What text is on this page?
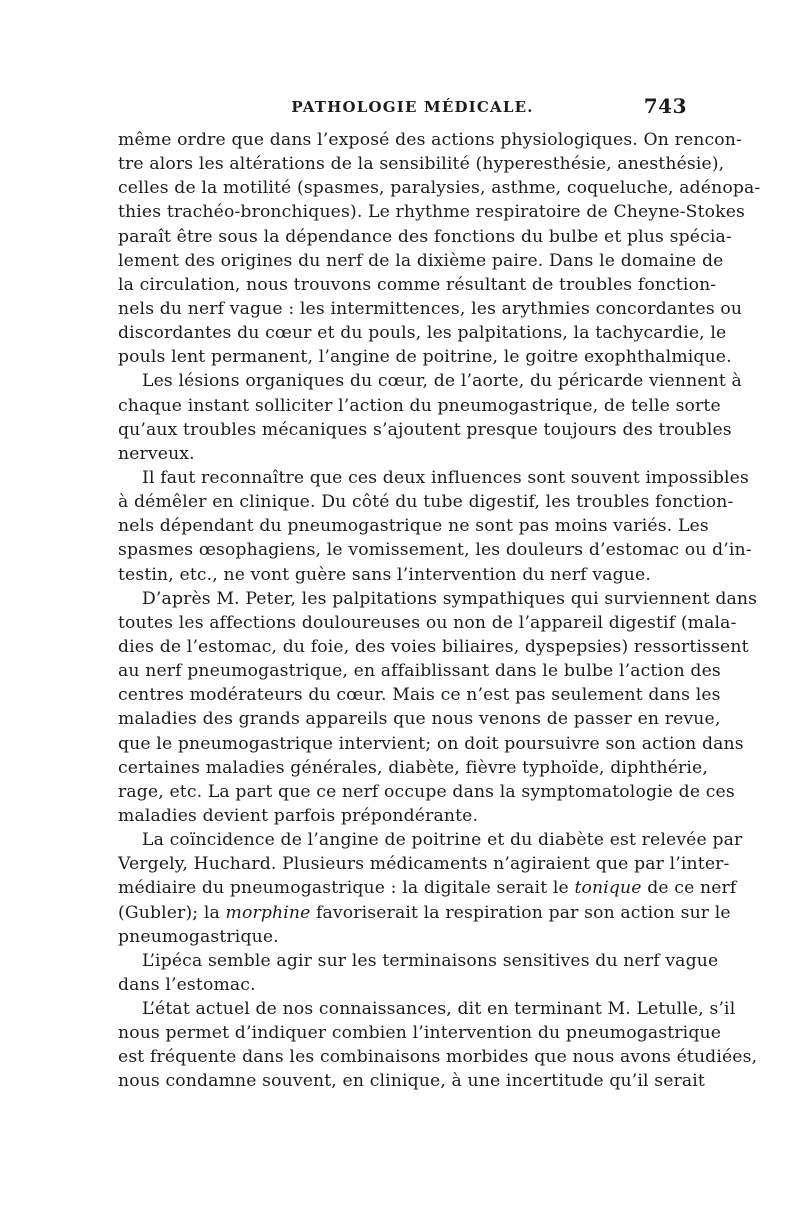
PATHOLOGIE MÉDICALE.	743
même ordre que dans l’exposé des actions physiologiques. On rencon-
tre alors les altérations de la sensibilité (hyperesthésie, anesthésie),
celles de la motilité (spasmes, paralysies, asthme, coqueluche, adénopa-
thies trachéo-bronchiques). Le rhythme respiratoire de Cheyne-Stokes
paraît être sous la dépendance des fonctions du bulbe et plus spécia-
lement des origines du nerf de la dixième paire. Dans le domaine de
la circulation, nous trouvons comme résultant de troubles fonction-
nels du nerf vague : les intermittences, les arythmies concordantes ou
discordantes du cœur et du pouls, les palpitations, la tachycardie, le
pouls lent permanent, l’angine de poitrine, le goitre exophthalmique.
Les lésions organiques du cœur, de l’aorte, du péricarde viennent à
chaque instant solliciter l’action du pneumogastrique, de telle sorte
qu’aux troubles mécaniques s’ajoutent presque toujours des troubles
nerveux.
Il faut reconnaître que ces deux influences sont souvent impossibles
à démêler en clinique. Du côté du tube digestif, les troubles fonction-
nels dépendant du pneumogastrique ne sont pas moins variés. Les
spasmes œsophagiens, le vomissement, les douleurs d’estomac ou d’in-
testin, etc., ne vont guère sans l’intervention du nerf vague.
D’après M. Peter, les palpitations sympathiques qui surviennent dans
toutes les affections douloureuses ou non de l’appareil digestif (mala-
dies de l’estomac, du foie, des voies biliaires, dyspepsies) ressortissent
au nerf pneumogastrique, en affaiblissant dans le bulbe l’action des
centres modérateurs du cœur. Mais ce n’est pas seulement dans les
maladies des grands appareils que nous venons de passer en revue,
que le pneumogastrique intervient; on doit poursuivre son action dans
certaines maladies générales, diabète, fièvre typhoïde, diphthérie,
rage, etc. La part que ce nerf occupe dans la symptomatologie de ces
maladies devient parfois prépondérante.
La coïncidence de l’angine de poitrine et du diabète est relevée par
Vergely, Huchard. Plusieurs médicaments n’agiraient que par l’inter-
médiaire du pneumogastrique : la digitale serait le tonique de ce nerf
(Gubler); la morphine favoriserait la respiration par son action sur le
pneumogastrique.
L’ipéca semble agir sur les terminaisons sensitives du nerf vague
dans l’estomac.
L’état actuel de nos connaissances, dit en terminant M. Letulle, s’il
nous permet d’indiquer combien l’intervention du pneumogastrique
est fréquente dans les combinaisons morbides que nous avons étudiées,
nous condamne souvent, en clinique, à une incertitude qu’il serait
